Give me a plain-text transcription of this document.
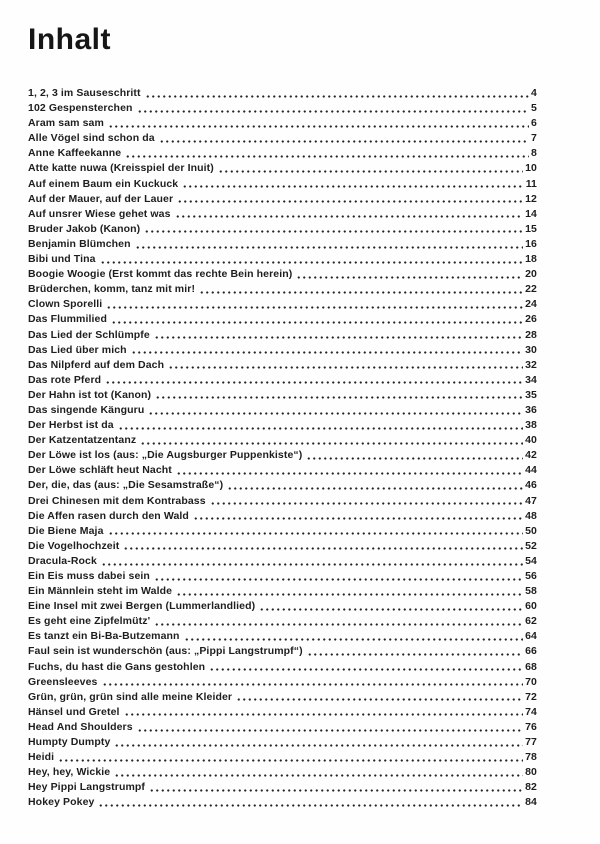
Inhalt
1, 2, 3 im Sauseschritt	4
102 Gespensterchen	5
Aram sam sam	6
Alle Vögel sind schon da	7
Anne Kaffeekanne	8
Atte katte nuwa (Kreisspiel der Inuit)	10
Auf einem Baum ein Kuckuck	11
Auf der Mauer, auf der Lauer	12
Auf unsrer Wiese gehet was	14
Bruder Jakob (Kanon)	15
Benjamin Blümchen	16
Bibi und Tina	18
Boogie Woogie (Erst kommt das rechte Bein herein)	20
Brüderchen, komm, tanz mit mir!	22
Clown Sporelli	24
Das Flummilied	26
Das Lied der Schlümpfe	28
Das Lied über mich	30
Das Nilpferd auf dem Dach	32
Das rote Pferd	34
Der Hahn ist tot (Kanon)	35
Das singende Känguru	36
Der Herbst ist da	38
Der Katzentatzentanz	40
Der Löwe ist los (aus: „Die Augsburger Puppenkiste“)	42
Der Löwe schläft heut Nacht	44
Der, die, das (aus: „Die Sesamstraße“)	46
Drei Chinesen mit dem Kontrabass	47
Die Affen rasen durch den Wald	48
Die Biene Maja	50
Die Vogelhochzeit	52
Dracula-Rock	54
Ein Eis muss dabei sein	56
Ein Männlein steht im Walde	58
Eine Insel mit zwei Bergen (Lummerlandlied)	60
Es geht eine Zipfelmütz'	62
Es tanzt ein Bi-Ba-Butzemann	64
Faul sein ist wunderschön (aus: „Pippi Langstrumpf“)	66
Fuchs, du hast die Gans gestohlen	68
Greensleeves	70
Grün, grün, grün sind alle meine Kleider	72
Hänsel und Gretel	74
Head And Shoulders	76
Humpty Dumpty	77
Heidi	78
Hey, hey, Wickie	80
Hey Pippi Langstrumpf	82
Hokey Pokey	84
